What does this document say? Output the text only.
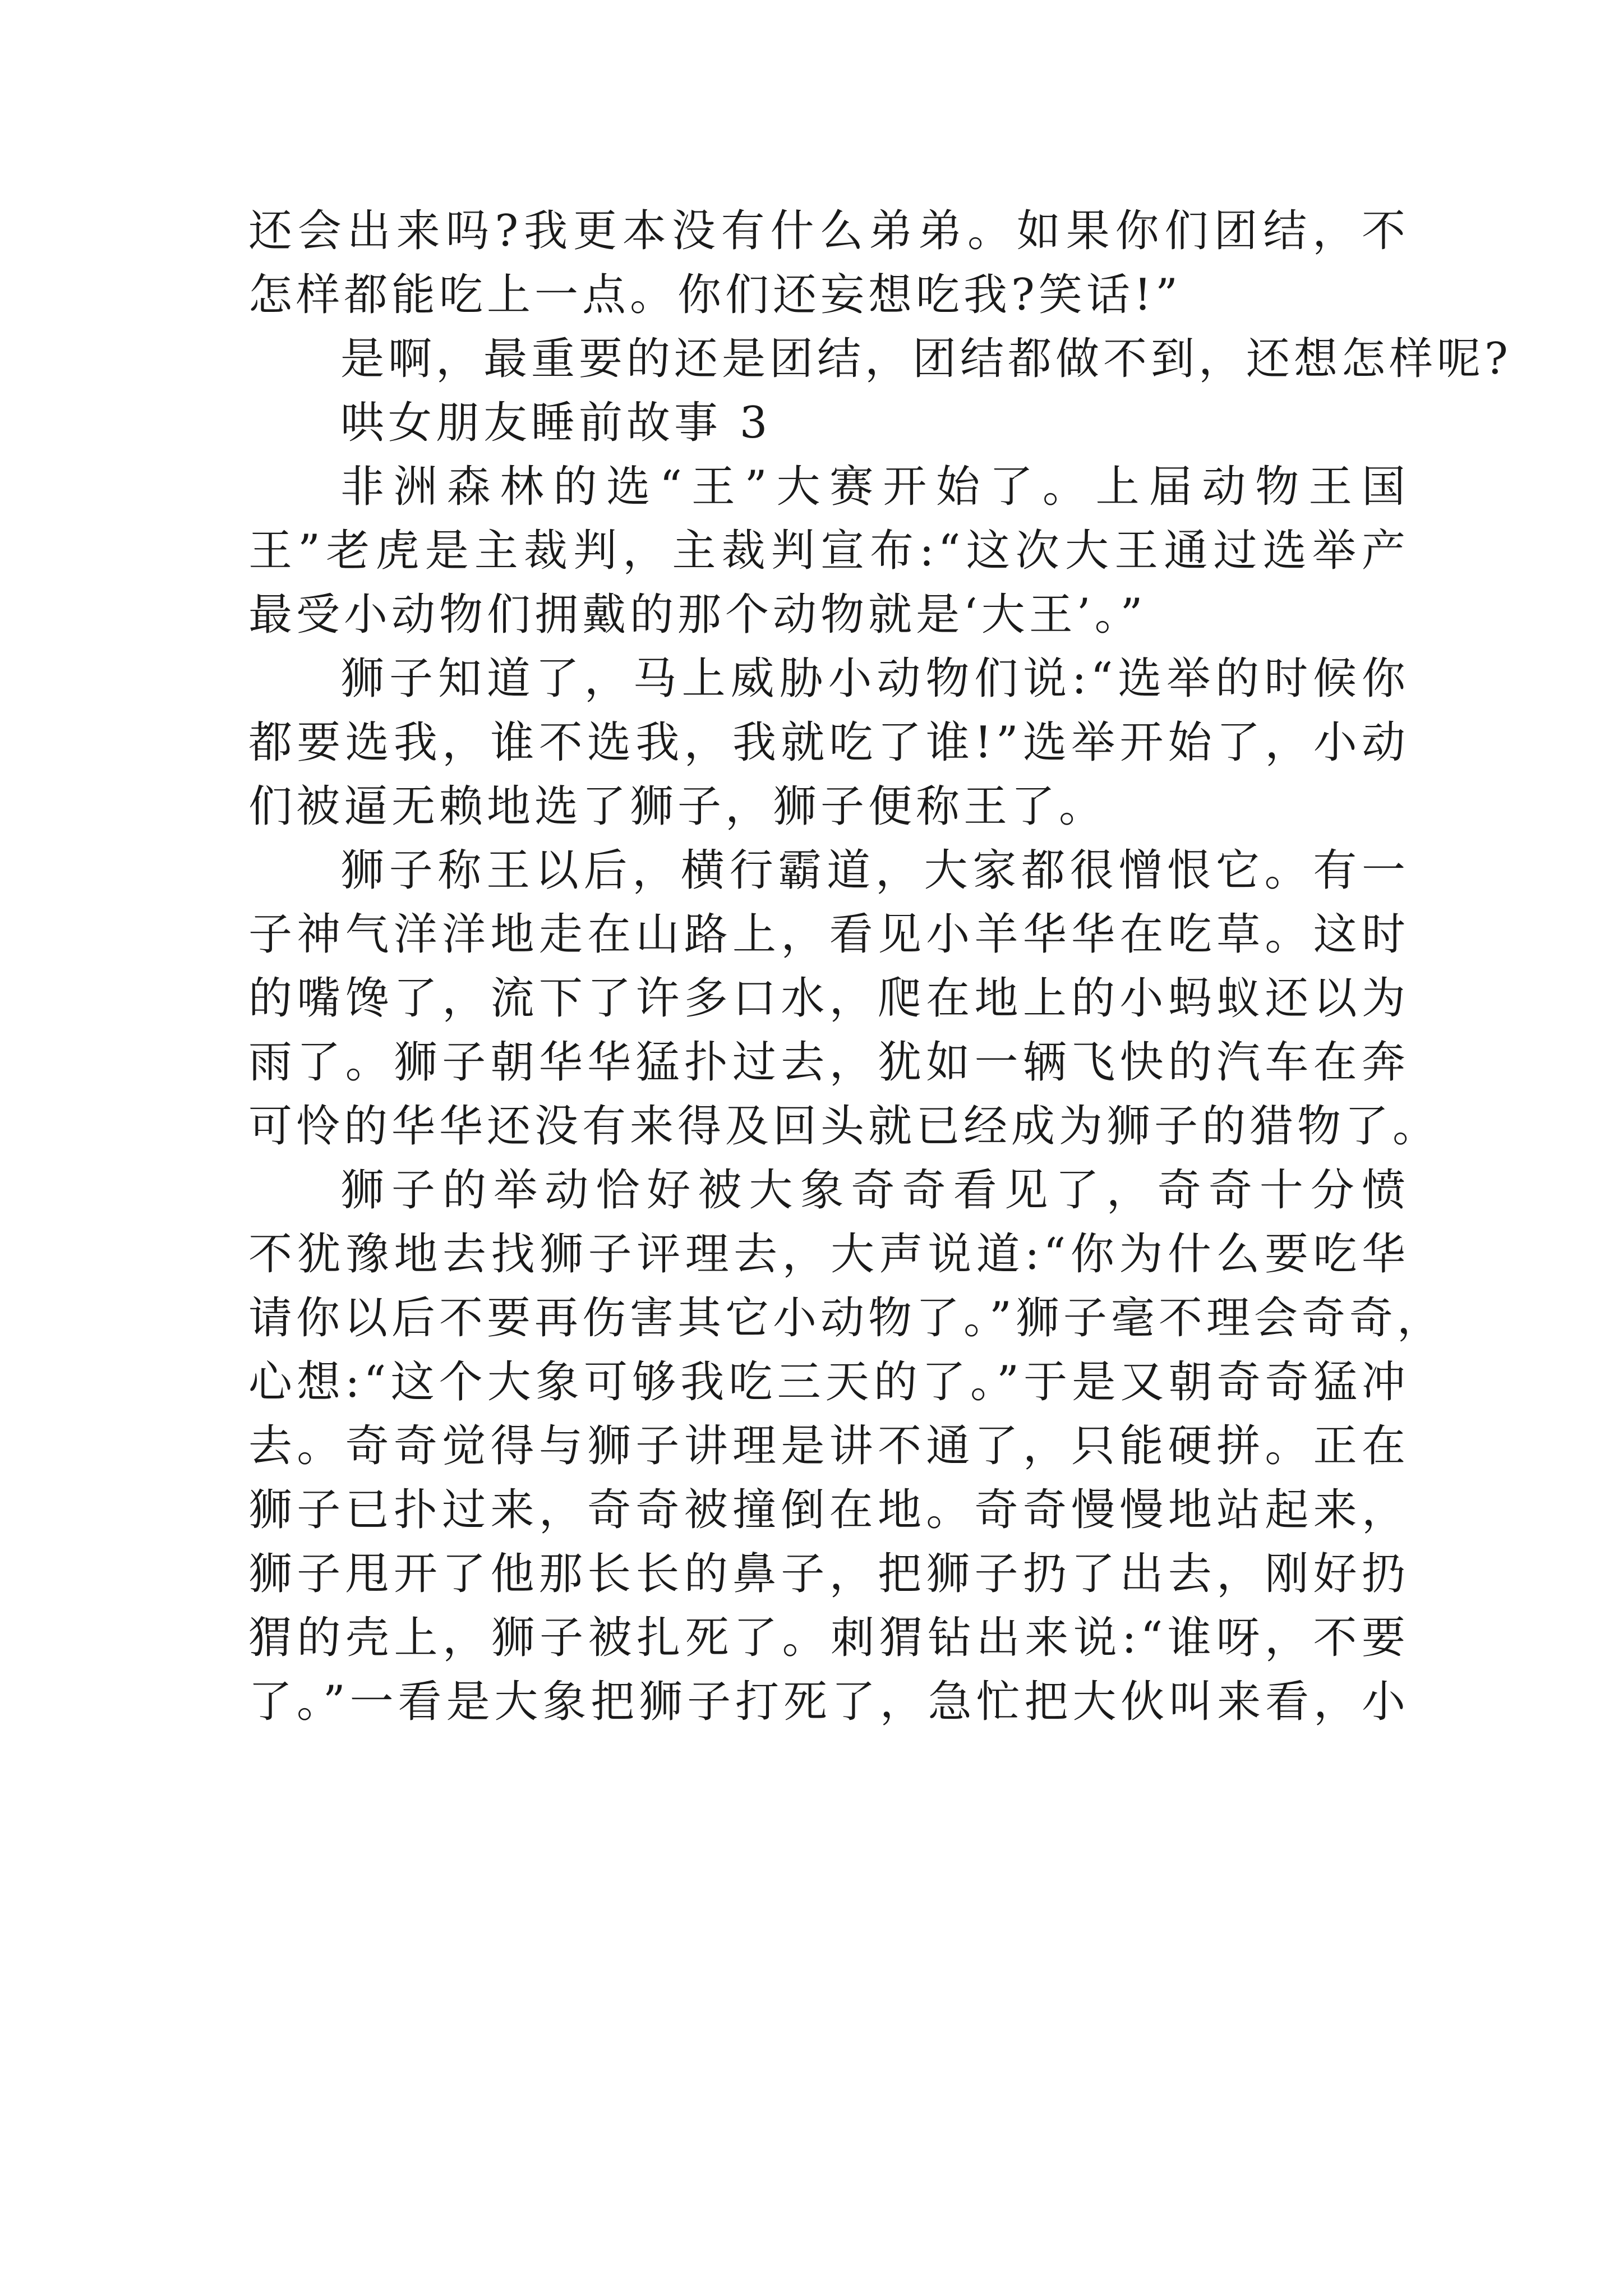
还会出来吗?我更本没有什么弟弟。如果你们团结，不
怎样都能吃上一点。你们还妄想吃我?笑话!”
是啊，最重要的还是团结，团结都做不到，还想怎样呢?
哄女朋友睡前故事 3
非洲森林的选“王”大赛开始了。上届动物王国
王”老虎是主裁判，主裁判宣布:“这次大王通过选举产
最受小动物们拥戴的那个动物就是‘大王’。”
狮子知道了，马上威胁小动物们说:“选举的时候你
都要选我，谁不选我，我就吃了谁!”选举开始了，小动
们被逼无赖地选了狮子，狮子便称王了。
狮子称王以后，横行霸道，大家都很憎恨它。有一
子神气洋洋地走在山路上，看见小羊华华在吃草。这时
的嘴馋了，流下了许多口水，爬在地上的小蚂蚁还以为
雨了。狮子朝华华猛扑过去，犹如一辆飞快的汽车在奔
可怜的华华还没有来得及回头就已经成为狮子的猎物了。
狮子的举动恰好被大象奇奇看见了，奇奇十分愤
不犹豫地去找狮子评理去，大声说道:“你为什么要吃华
请你以后不要再伤害其它小动物了。”狮子毫不理会奇奇，
心想:“这个大象可够我吃三天的了。”于是又朝奇奇猛冲
去。奇奇觉得与狮子讲理是讲不通了，只能硬拼。正在
狮子已扑过来，奇奇被撞倒在地。奇奇慢慢地站起来，
狮子甩开了他那长长的鼻子，把狮子扔了出去，刚好扔
猬的壳上，狮子被扎死了。刺猬钻出来说:“谁呀，不要
了。”一看是大象把狮子打死了，急忙把大伙叫来看，小
